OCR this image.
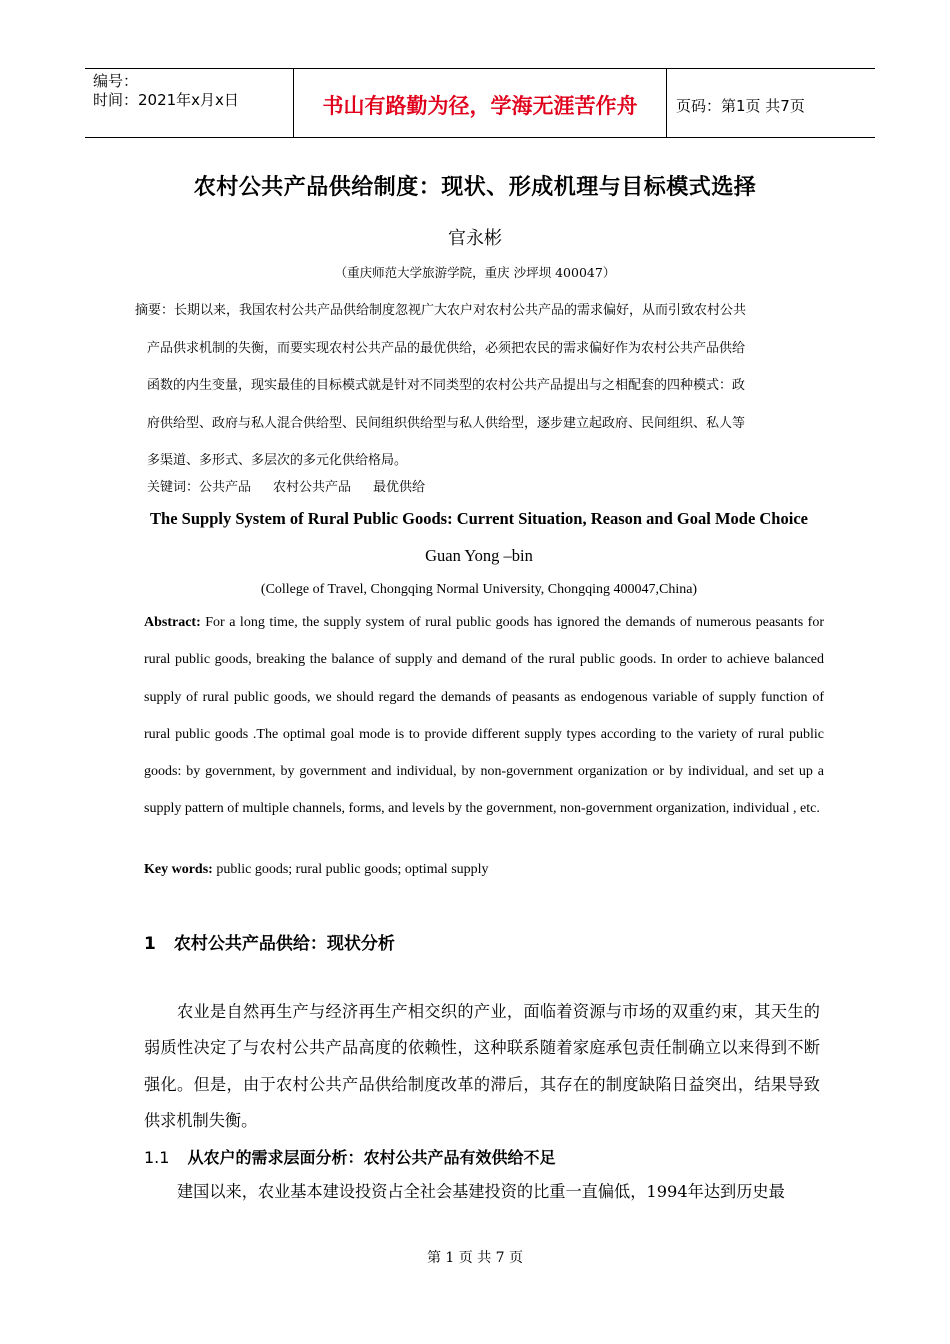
编号：
时间：2021年x月x日	书山有路勤为径，学海无涯苦作舟	页码：第1页 共7页
农村公共产品供给制度：现状、形成机理与目标模式选择
官永彬
（重庆师范大学旅游学院，重庆 沙坪坝 400047）
摘要：长期以来，我国农村公共产品供给制度忽视广大农户对农村公共产品的需求偏好，从而引致农村公共
产品供求机制的失衡，而要实现农村公共产品的最优供给，必须把农民的需求偏好作为农村公共产品供给
函数的内生变量，现实最佳的目标模式就是针对不同类型的农村公共产品提出与之相配套的四种模式：政
府供给型、政府与私人混合供给型、民间组织供给型与私人供给型，逐步建立起政府、民间组织、私人等
多渠道、多形式、多层次的多元化供给格局。
关键词：公共产品 农村公共产品 最优供给
The Supply System of Rural Public Goods: Current Situation, Reason and Goal Mode Choice
Guan Yong –bin
(College of Travel, Chongqing Normal University, Chongqing 400047,China)
Abstract: For a long time, the supply system of rural public goods has ignored the demands of numerous peasants for rural public goods, breaking the balance of supply and demand of the rural public goods. In order to achieve balanced supply of rural public goods, we should regard the demands of peasants as endogenous variable of supply function of rural public goods .The optimal goal mode is to provide different supply types according to the variety of rural public goods: by government, by government and individual, by non-government organization or by individual, and set up a supply pattern of multiple channels, forms, and levels by the government, non-government organization, individual , etc.
Key words: public goods; rural public goods; optimal supply
1 农村公共产品供给：现状分析
农业是自然再生产与经济再生产相交织的产业，面临着资源与市场的双重约束，其天生的弱质性决定了与农村公共产品高度的依赖性，这种联系随着家庭承包责任制确立以来得到不断强化。但是，由于农村公共产品供给制度改革的滞后，其存在的制度缺陷日益突出，结果导致供求机制失衡。
1.1 从农户的需求层面分析：农村公共产品有效供给不足
建国以来，农业基本建设投资占全社会基建投资的比重一直偏低，1994年达到历史最
第 1 页 共 7 页
